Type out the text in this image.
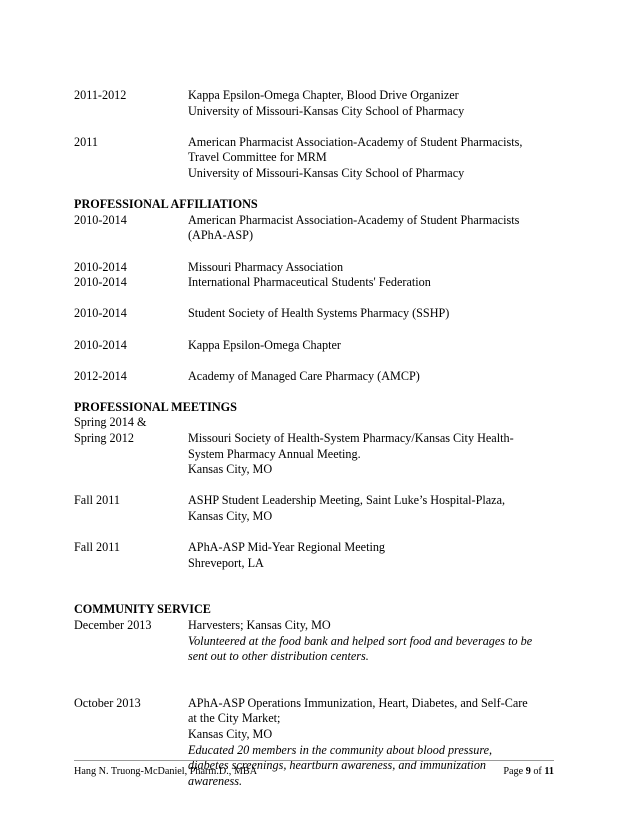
2011-2012	Kappa Epsilon-Omega Chapter, Blood Drive Organizer
University of Missouri-Kansas City School of Pharmacy
2011	American Pharmacist Association-Academy of Student Pharmacists,
Travel Committee for MRM
University of Missouri-Kansas City School of Pharmacy
PROFESSIONAL AFFILIATIONS
2010-2014	American Pharmacist Association-Academy of Student Pharmacists
(APhA-ASP)
2010-2014	Missouri Pharmacy Association
2010-2014	International Pharmaceutical Students' Federation
2010-2014	Student Society of Health Systems Pharmacy (SSHP)
2010-2014	Kappa Epsilon-Omega Chapter
2012-2014	Academy of Managed Care Pharmacy (AMCP)
PROFESSIONAL MEETINGS
Spring 2014 &
Spring 2012	Missouri Society of Health-System Pharmacy/Kansas City Health-
System Pharmacy Annual Meeting.
Kansas City, MO
Fall 2011	ASHP Student Leadership Meeting, Saint Luke’s Hospital-Plaza,
Kansas City, MO
Fall 2011	APhA-ASP Mid-Year Regional Meeting
Shreveport, LA
COMMUNITY SERVICE
December 2013	Harvesters; Kansas City, MO
Volunteered at the food bank and helped sort food and beverages to be
sent out to other distribution centers.
October 2013	APhA-ASP Operations Immunization, Heart, Diabetes, and Self-Care
at the City Market;
Kansas City, MO
Educated 20 members in the community about blood pressure,
diabetes screenings, heartburn awareness, and immunization
awareness.
Hang N. Truong-McDaniel, Pharm.D., MBA	Page 9 of 11
